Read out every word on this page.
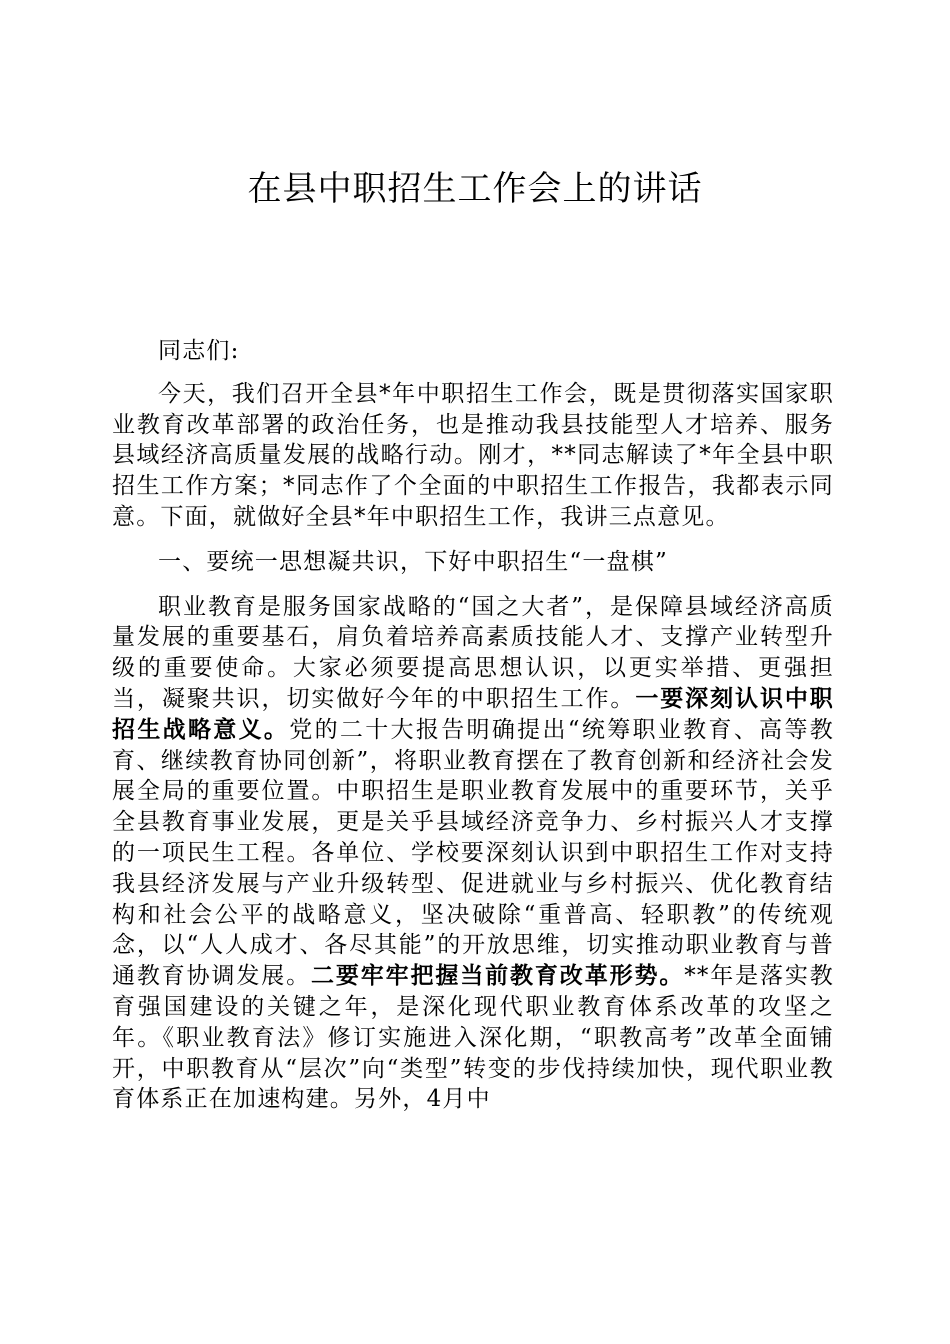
在县中职招生工作会上的讲话

同志们:

今天，我们召开全县*年中职招生工作会，既是贯彻落实国家职业教育改革部署的政治任务，也是推动我县技能型人才培养、服务县域经济高质量发展的战略行动。刚才，**同志解读了*年全县中职招生工作方案；*同志作了个全面的中职招生工作报告，我都表示同意。下面，就做好全县*年中职招生工作，我讲三点意见。

一、要统一思想凝共识，下好中职招生“一盘棋”

职业教育是服务国家战略的“国之大者”，是保障县域经济高质量发展的重要基石，肩负着培养高素质技能人才、支撑产业转型升级的重要使命。大家必须要提高思想认识，以更实举措、更强担当，凝聚共识，切实做好今年的中职招生工作。一要深刻认识中职招生战略意义。党的二十大报告明确提出“统筹职业教育、高等教育、继续教育协同创新”，将职业教育摆在了教育创新和经济社会发展全局的重要位置。中职招生是职业教育发展中的重要环节，关乎全县教育事业发展，更是关乎县域经济竞争力、乡村振兴人才支撑的一项民生工程。各单位、学校要深刻认识到中职招生工作对支持我县经济发展与产业升级转型、促进就业与乡村振兴、优化教育结构和社会公平的战略意义，坚决破除“重普高、轻职教”的传统观念，以“人人成才、各尽其能”的开放思维，切实推动职业教育与普通教育协调发展。二要牢牢把握当前教育改革形势。**年是落实教育强国建设的关键之年，是深化现代职业教育体系改革的攻坚之年。《职业教育法》修订实施进入深化期，“职教高考”改革全面铺开，中职教育从“层次”向“类型”转变的步伐持续加快，现代职业教育体系正在加速构建。另外，4月中
